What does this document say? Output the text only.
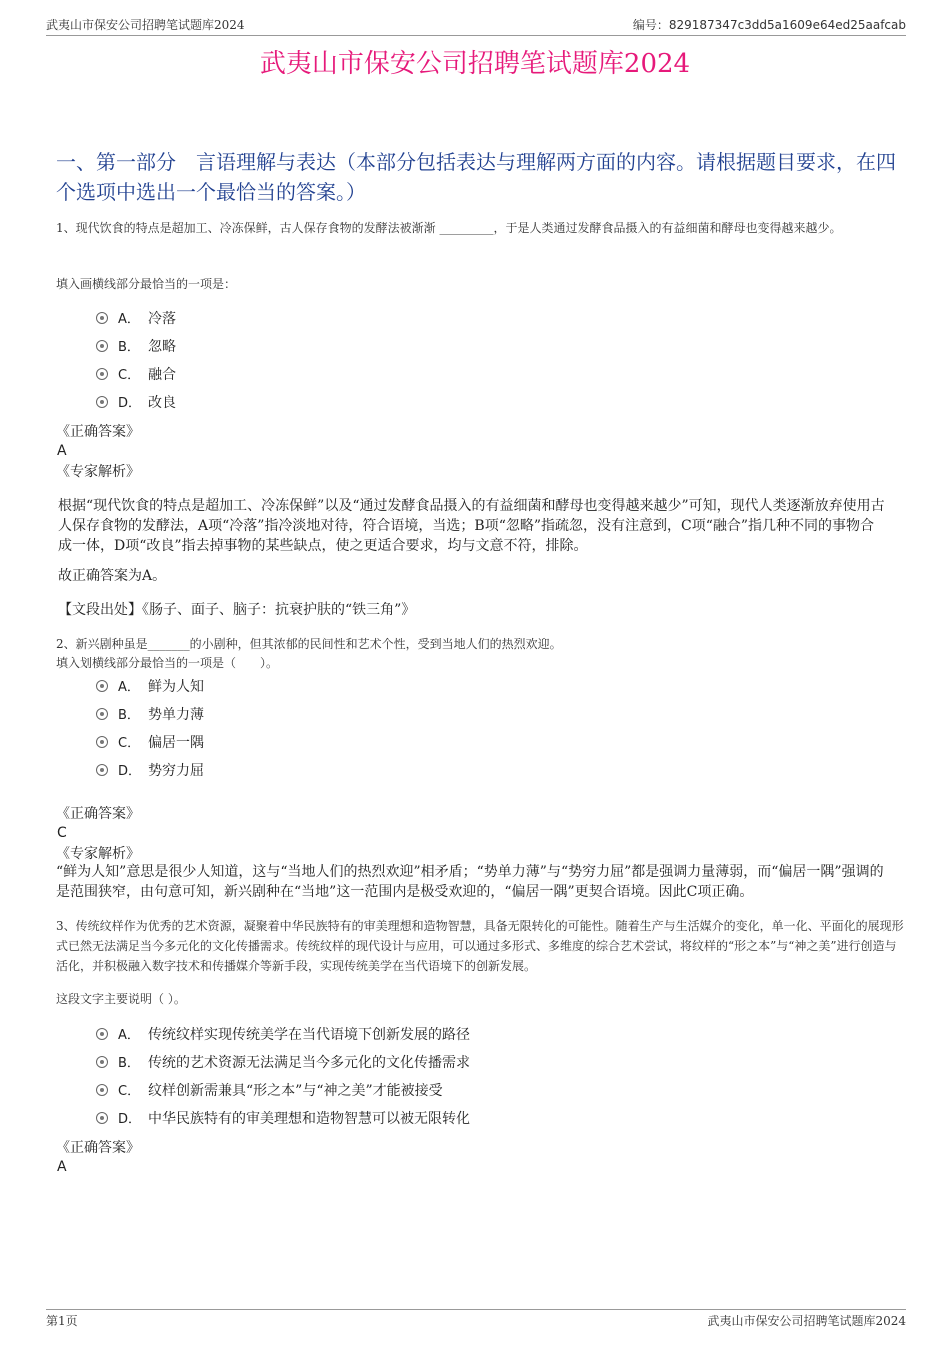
武夷山市保安公司招聘笔试题库2024	编号：829187347c3dd5a1609e64ed25aafcab
武夷山市保安公司招聘笔试题库2024
一、第一部分　言语理解与表达（本部分包括表达与理解两方面的内容。请根据题目要求，在四个选项中选出一个最恰当的答案。）
1、现代饮食的特点是超加工、冷冻保鲜，古人保存食物的发酵法被渐渐 _________，于是人类通过发酵食品摄入的有益细菌和酵母也变得越来越少。
填入画横线部分最恰当的一项是：
A． 冷落
B． 忽略
C． 融合
D． 改良
《正确答案》
A
《专家解析》
根据“现代饮食的特点是超加工、冷冻保鲜”以及“通过发酵食品摄入的有益细菌和酵母也变得越来越少”可知，现代人类逐渐放弃使用古人保存食物的发酵法，A项“冷落”指冷淡地对待，符合语境，当选；B项“忽略”指疏忽，没有注意到，C项“融合”指几种不同的事物合成一体，D项“改良”指去掉事物的某些缺点，使之更适合要求，均与文意不符，排除。
故正确答案为A。
【文段出处】《肠子、面子、脑子：抗衰护肤的“铁三角”》
2、新兴剧种虽是_______的小剧种，但其浓郁的民间性和艺术个性，受到当地人们的热烈欢迎。
填入划横线部分最恰当的一项是（　　）。
A． 鲜为人知
B． 势单力薄
C． 偏居一隅
D． 势穷力屈
《正确答案》
C
《专家解析》
“鲜为人知”意思是很少人知道，这与“当地人们的热烈欢迎”相矛盾；“势单力薄”与“势穷力屈”都是强调力量薄弱，而“偏居一隅”强调的是范围狭窄，由句意可知，新兴剧种在“当地”这一范围内是极受欢迎的，“偏居一隅”更契合语境。因此C项正确。
3、传统纹样作为优秀的艺术资源，凝聚着中华民族特有的审美理想和造物智慧，具备无限转化的可能性。随着生产与生活媒介的变化，单一化、平面化的展现形式已然无法满足当今多元化的文化传播需求。传统纹样的现代设计与应用，可以通过多形式、多维度的综合艺术尝试，将纹样的“形之本”与“神之美”进行创造与活化，并积极融入数字技术和传播媒介等新手段，实现传统美学在当代语境下的创新发展。
这段文字主要说明（ ）。
A． 传统纹样实现传统美学在当代语境下创新发展的路径
B． 传统的艺术资源无法满足当今多元化的文化传播需求
C． 纹样创新需兼具“形之本”与“神之美”才能被接受
D． 中华民族特有的审美理想和造物智慧可以被无限转化
《正确答案》
A
第1页	武夷山市保安公司招聘笔试题库2024
